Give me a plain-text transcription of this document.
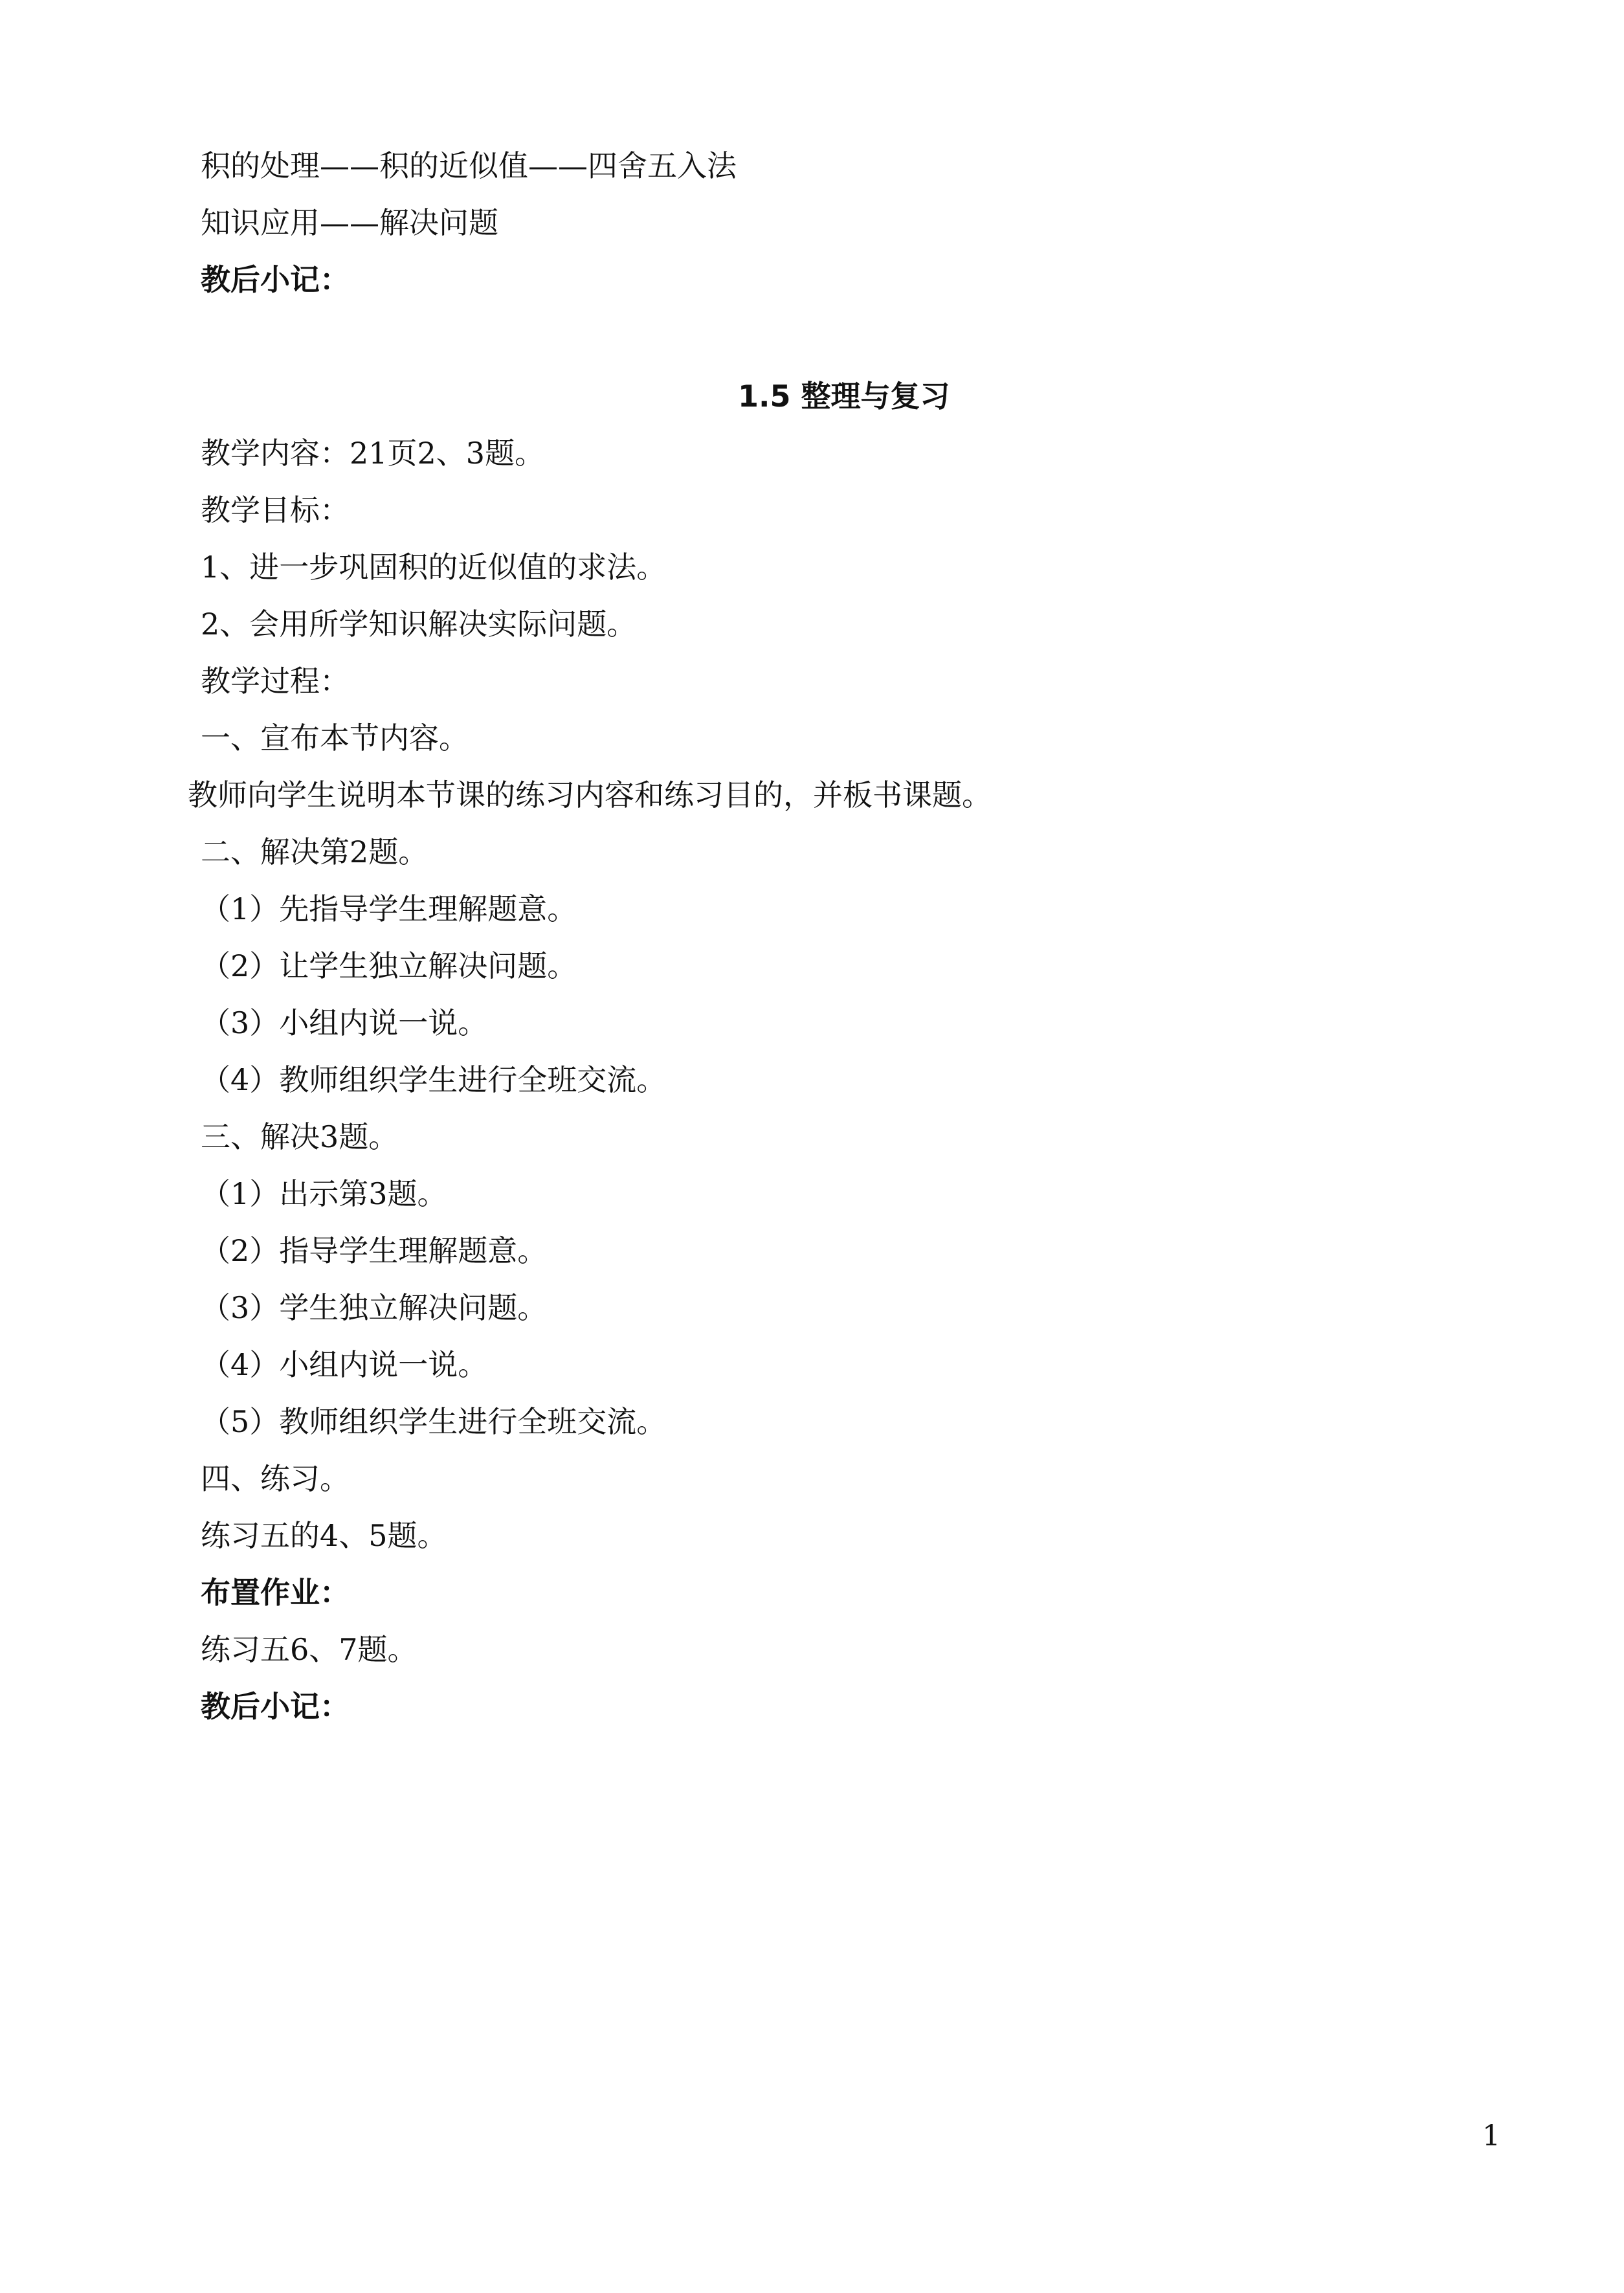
积的处理——积的近似值——四舍五入法
知识应用——解决问题
教后小记：
1.5 整理与复习
教学内容：21页2、3题。
教学目标：
1、进一步巩固积的近似值的求法。
2、会用所学知识解决实际问题。
教学过程：
一、宣布本节内容。
教师向学生说明本节课的练习内容和练习目的，并板书课题。
二、解决第2题。
（1）先指导学生理解题意。
（2）让学生独立解决问题。
（3）小组内说一说。
（4）教师组织学生进行全班交流。
三、解决3题。
（1）出示第3题。
（2）指导学生理解题意。
（3）学生独立解决问题。
（4）小组内说一说。
（5）教师组织学生进行全班交流。
四、练习。
练习五的4、5题。
布置作业：
练习五6、7题。
教后小记：
1
